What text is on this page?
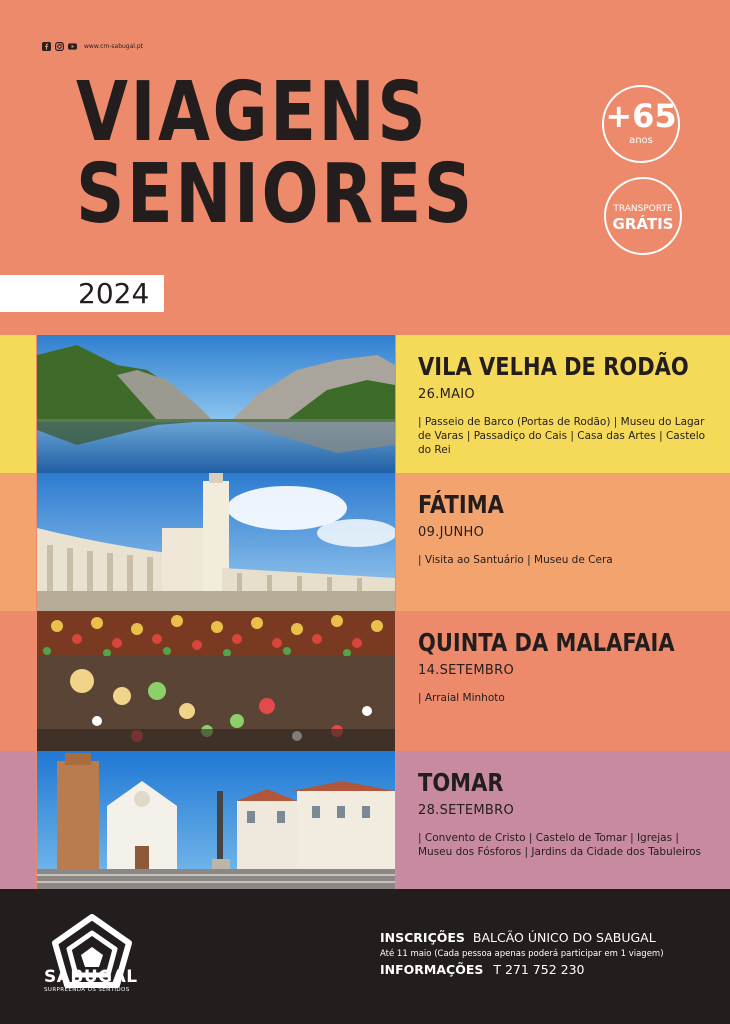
www.cm-sabugal.pt
VIAGENS
SENIORES
2024
+65
anos
TRANSPORTE
GRÁTIS
VILA VELHA DE RODÃO
26.MAIO
| Passeio de Barco (Portas de Rodão) | Museu do Lagar de Varas | Passadiço do Cais | Casa das Artes | Castelo do Rei
FÁTIMA
09.JUNHO
| Visita ao Santuário | Museu de Cera
QUINTA DA MALAFAIA
14.SETEMBRO
| Arraial Minhoto
TOMAR
28.SETEMBRO
| Convento de Cristo | Castelo de Tomar | Igrejas | Museu dos Fósforos | Jardins da Cidade dos Tabuleiros
SABUGAL
SURPREENDA OS SENTIDOS
INSCRIÇÕES BALCÃO ÚNICO DO SABUGAL
Até 11 maio (Cada pessoa apenas poderá participar em 1 viagem)
INFORMAÇÕES T 271 752 230
